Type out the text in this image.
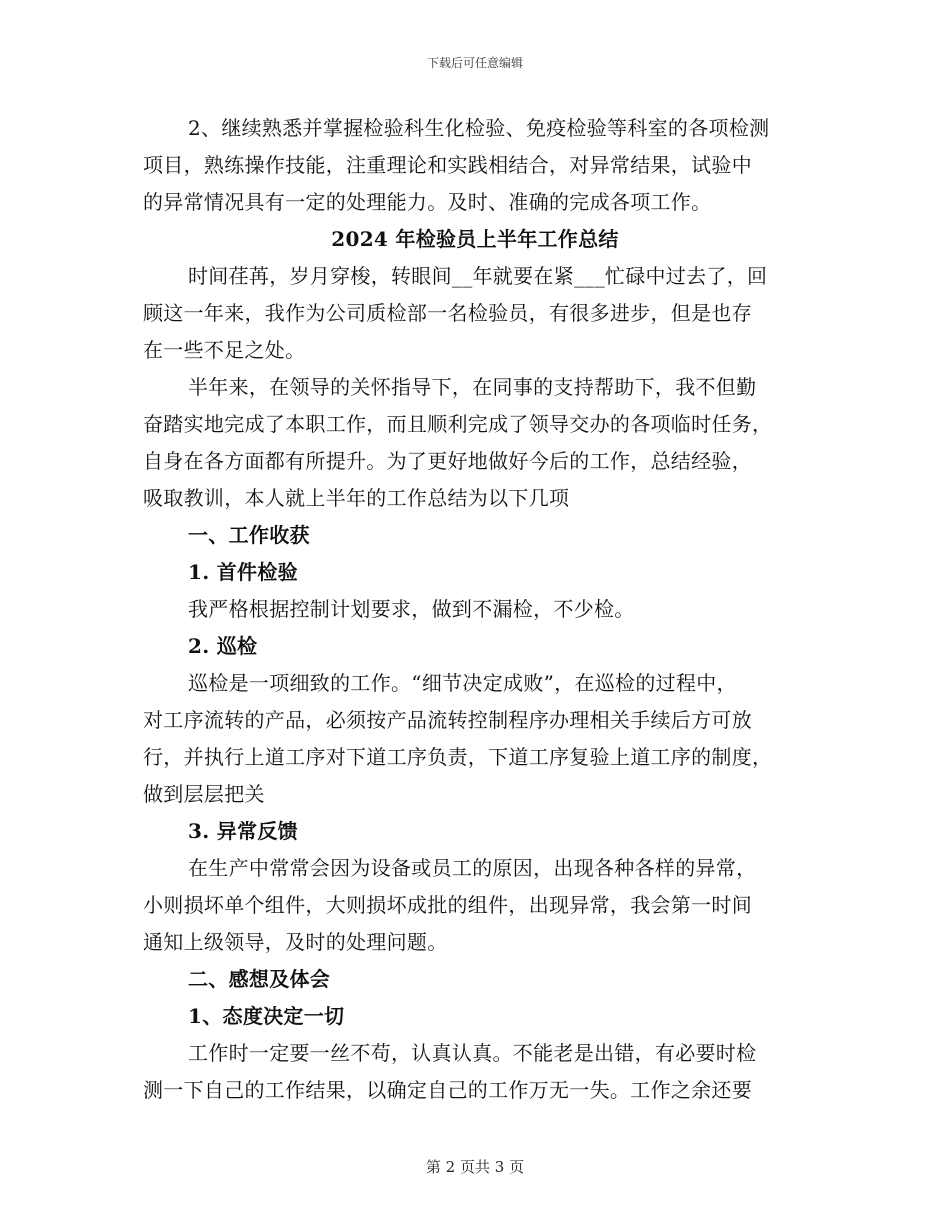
下载后可任意编辑
2、继续熟悉并掌握检验科生化检验、免疫检验等科室的各项检测
项目，熟练操作技能，注重理论和实践相结合，对异常结果，试验中
的异常情况具有一定的处理能力。及时、准确的完成各项工作。
2024 年检验员上半年工作总结
时间荏苒，岁月穿梭，转眼间__年就要在紧___忙碌中过去了，回
顾这一年来，我作为公司质检部一名检验员，有很多进步，但是也存
在一些不足之处。
半年来，在领导的关怀指导下，在同事的支持帮助下，我不但勤
奋踏实地完成了本职工作，而且顺利完成了领导交办的各项临时任务，
自身在各方面都有所提升。为了更好地做好今后的工作，总结经验，
吸取教训，本人就上半年的工作总结为以下几项
一、工作收获
1. 首件检验
我严格根据控制计划要求，做到不漏检，不少检。
2. 巡检
巡检是一项细致的工作。“细节决定成败”，在巡检的过程中，
对工序流转的产品，必须按产品流转控制程序办理相关手续后方可放
行，并执行上道工序对下道工序负责，下道工序复验上道工序的制度，
做到层层把关
3. 异常反馈
在生产中常常会因为设备或员工的原因，出现各种各样的异常，
小则损坏单个组件，大则损坏成批的组件，出现异常，我会第一时间
通知上级领导，及时的处理问题。
二、感想及体会
1、态度决定一切
工作时一定要一丝不苟，认真认真。不能老是出错，有必要时检
测一下自己的工作结果，以确定自己的工作万无一失。工作之余还要
第 2 页共 3 页
